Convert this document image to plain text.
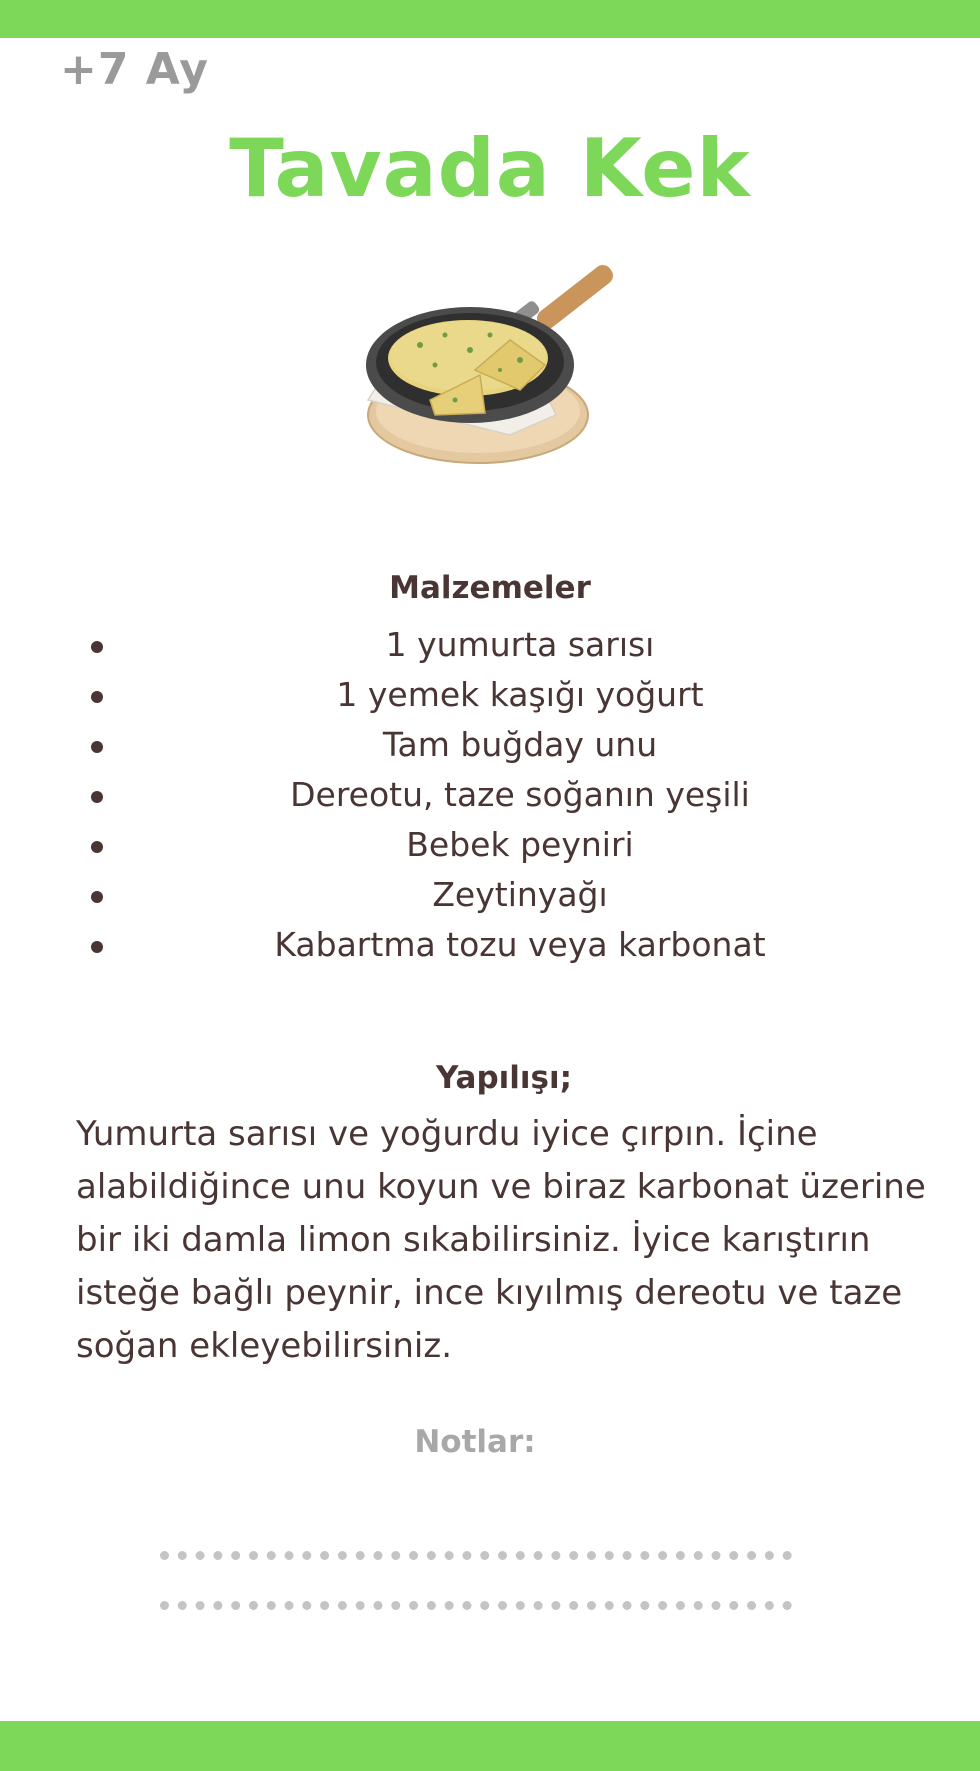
+7 Ay
Tavada Kek
Malzemeler
1 yumurta sarısı
1 yemek kaşığı yoğurt
Tam buğday unu
Dereotu, taze soğanın yeşili
Bebek peyniri
Zeytinyağı
Kabartma tozu veya karbonat
Yapılışı;

Yumurta sarısı ve yoğurdu iyice çırpın. İçine alabildiğince unu koyun ve biraz karbonat üzerine bir iki damla limon sıkabilirsiniz. İyice karıştırın isteğe bağlı peynir, ince kıyılmış dereotu ve taze soğan ekleyebilirsiniz.

Notlar:
